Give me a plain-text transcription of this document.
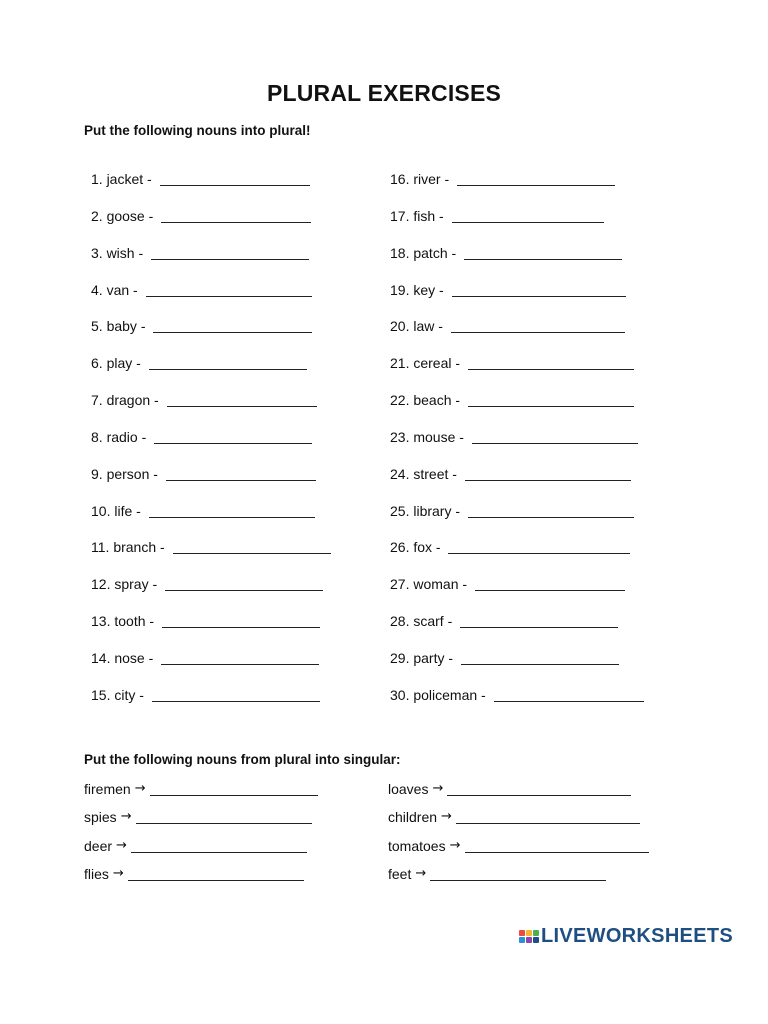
PLURAL EXERCISES
Put the following nouns into plural!
1. jacket -
2. goose -
3. wish -
4. van -
5. baby -
6. play -
7. dragon -
8. radio -
9. person -
10. life -
11. branch -
12. spray -
13. tooth -
14. nose -
15. city -
16. river -
17. fish -
18. patch -
19. key -
20. law -
21. cereal -
22. beach -
23. mouse -
24. street -
25. library -
26. fox -
27. woman -
28. scarf -
29. party -
30. policeman -
Put the following nouns from plural into singular:
firemen →
spies →
deer →
flies →
loaves →
children →
tomatoes →
feet →
LIVEWORKSHEETS
